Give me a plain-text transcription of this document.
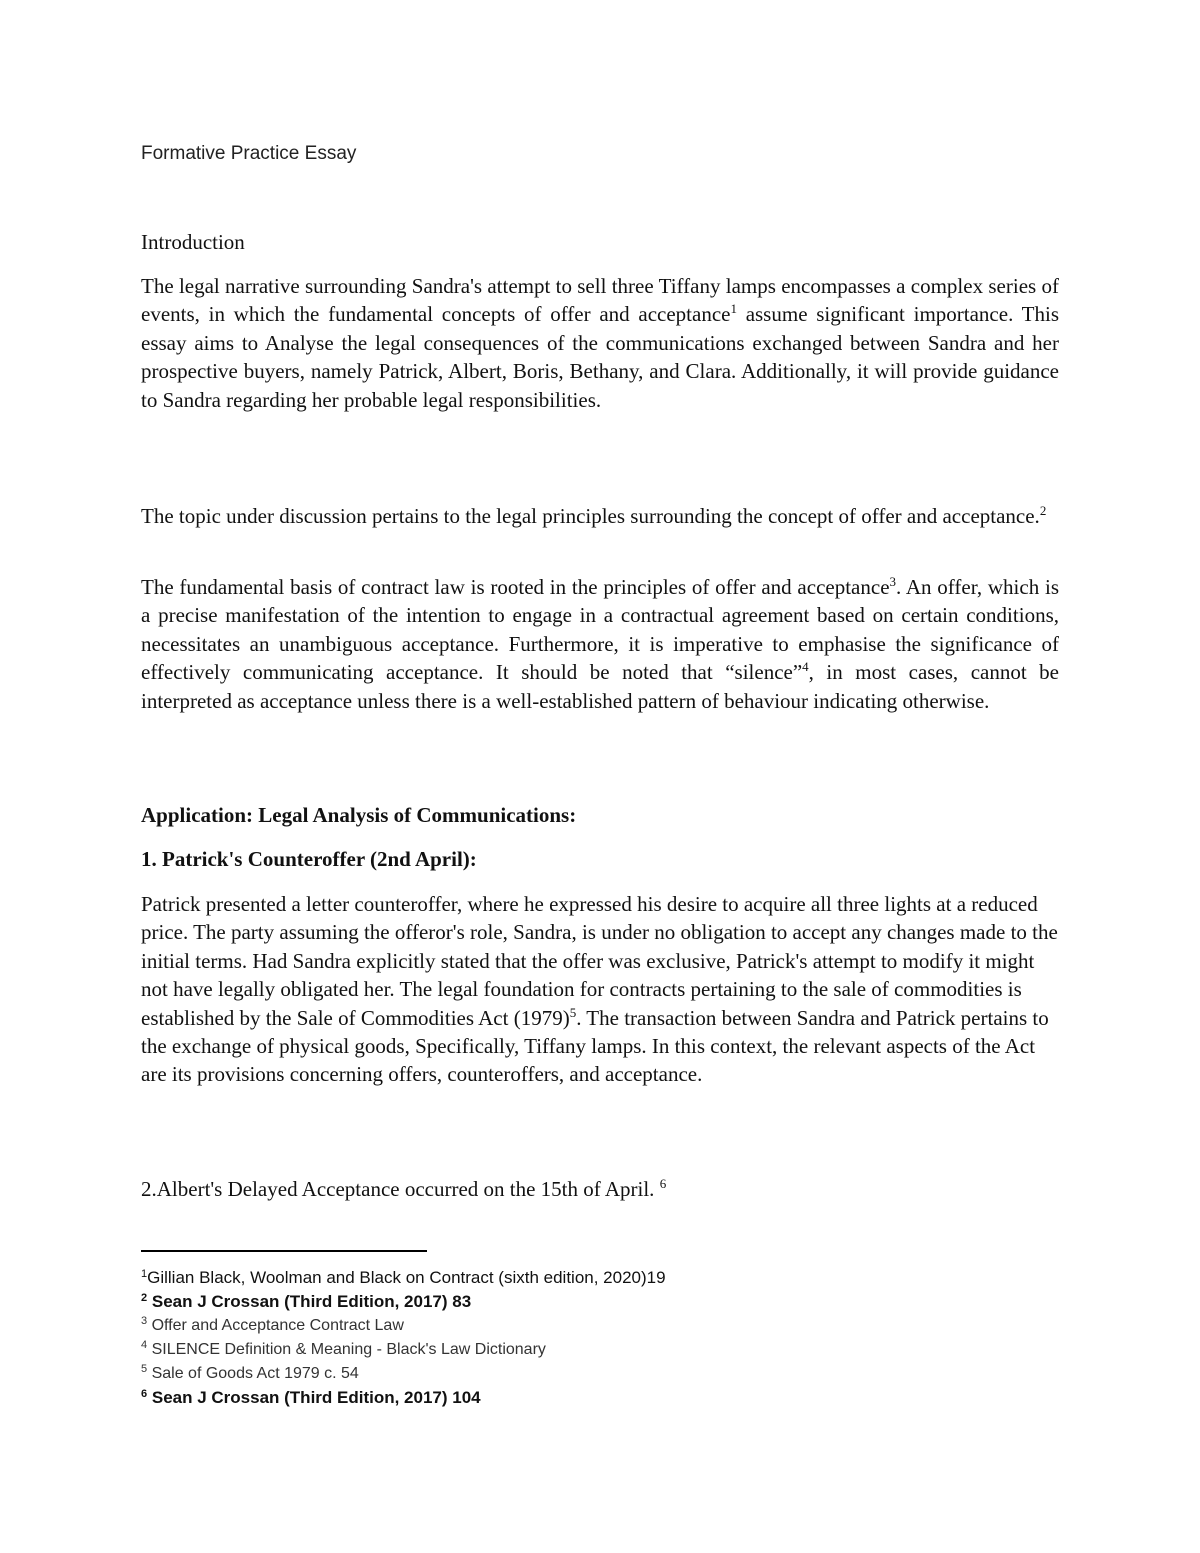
Formative Practice Essay
Introduction

The legal narrative surrounding Sandra's attempt to sell three Tiffany lamps encompasses a complex series of events, in which the fundamental concepts of offer and acceptance$^1$ assume significant importance. This essay aims to Analyse the legal consequences of the communications exchanged between Sandra and her prospective buyers, namely Patrick, Albert, Boris, Bethany, and Clara. Additionally, it will provide guidance to Sandra regarding her probable legal responsibilities.

The topic under discussion pertains to the legal principles surrounding the concept of offer and acceptance.$^2$

The fundamental basis of contract law is rooted in the principles of offer and acceptance$^3$. An offer, which is a precise manifestation of the intention to engage in a contractual agreement based on certain conditions, necessitates an unambiguous acceptance. Furthermore, it is imperative to emphasise the significance of effectively communicating acceptance. It should be noted that “silence”$^4$, in most cases, cannot be interpreted as acceptance unless there is a well-established pattern of behaviour indicating otherwise.

Application: Legal Analysis of Communications:

1. Patrick's Counteroffer (2nd April):

Patrick presented a letter counteroffer, where he expressed his desire to acquire all three lights at a reduced price. The party assuming the offeror's role, Sandra, is under no obligation to accept any changes made to the initial terms. Had Sandra explicitly stated that the offer was exclusive, Patrick's attempt to modify it might not have legally obligated her. The legal foundation for contracts pertaining to the sale of commodities is established by the Sale of Commodities Act $(1979)^5$. The transaction between Sandra and Patrick pertains to the exchange of physical goods, Specifically, Tiffany lamps. In this context, the relevant aspects of the Act are its provisions concerning offers, counteroffers, and acceptance.

2.Albert's Delayed Acceptance occurred on the 15th of April. $^6$

$^1$Gillian Black, Woolman and Black on Contract (sixth edition, 2020)19
$^2$ Sean J Crossan (Third Edition, 2017) 83
$^3$ Offer and Acceptance Contract Law
$^4$ SILENCE Definition & Meaning - Black's Law Dictionary
$^5$ Sale of Goods Act 1979 c. 54
$^6$ Sean J Crossan (Third Edition, 2017) 104
